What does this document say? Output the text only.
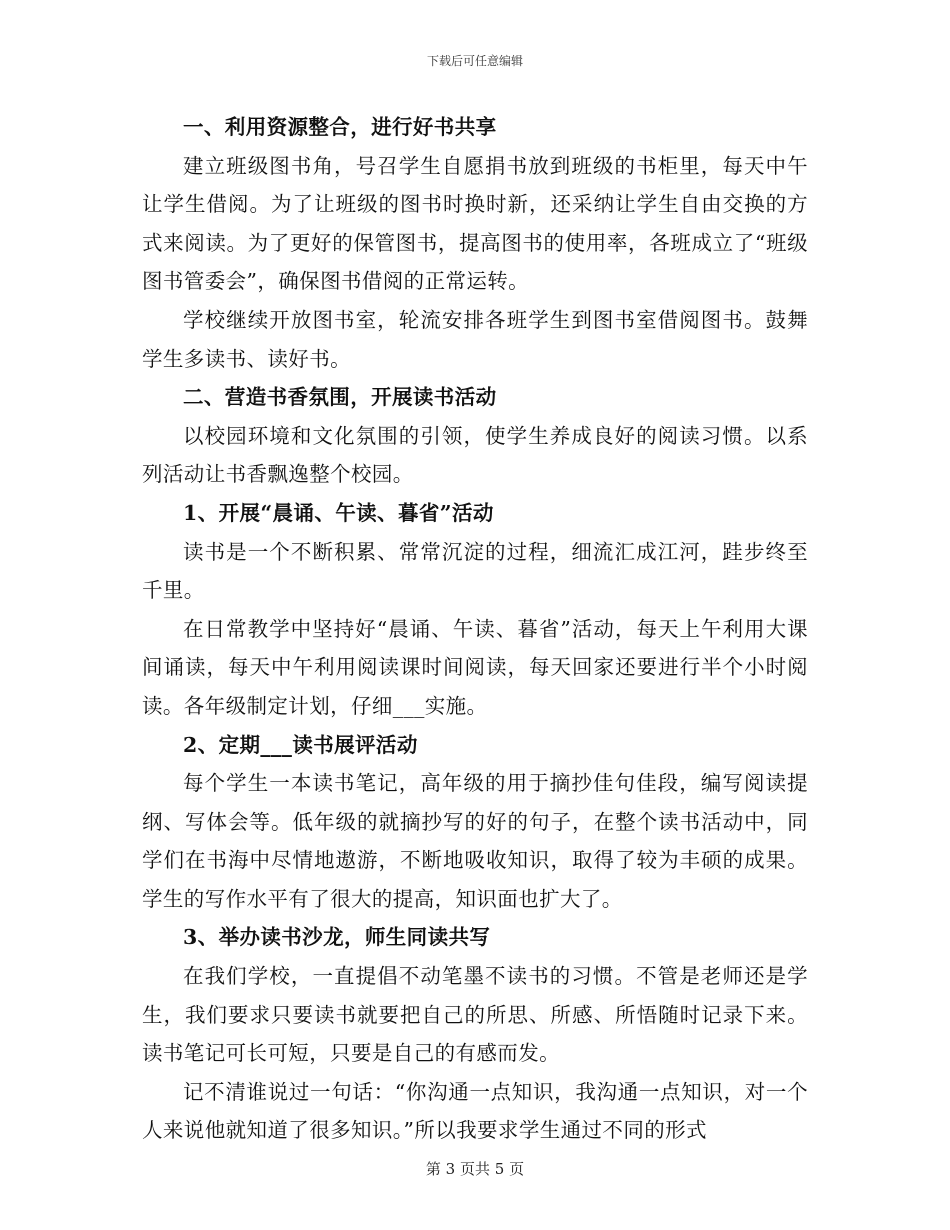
下载后可任意编辑

一、利用资源整合，进行好书共享

建立班级图书角，号召学生自愿捐书放到班级的书柜里，每天中午让学生借阅。为了让班级的图书时换时新，还采纳让学生自由交换的方式来阅读。为了更好的保管图书，提高图书的使用率，各班成立了“班级图书管委会”，确保图书借阅的正常运转。

学校继续开放图书室，轮流安排各班学生到图书室借阅图书。鼓舞学生多读书、读好书。

二、营造书香氛围，开展读书活动

以校园环境和文化氛围的引领，使学生养成良好的阅读习惯。以系列活动让书香飘逸整个校园。

1、开展“晨诵、午读、暮省”活动

读书是一个不断积累、常常沉淀的过程，细流汇成江河，跬步终至千里。

在日常教学中坚持好“晨诵、午读、暮省”活动，每天上午利用大课间诵读，每天中午利用阅读课时间阅读，每天回家还要进行半个小时阅读。各年级制定计划，仔细___实施。

2、定期___读书展评活动

每个学生一本读书笔记，高年级的用于摘抄佳句佳段，编写阅读提纲、写体会等。低年级的就摘抄写的好的句子，在整个读书活动中，同学们在书海中尽情地遨游，不断地吸收知识，取得了较为丰硕的成果。学生的写作水平有了很大的提高，知识面也扩大了。

3、举办读书沙龙，师生同读共写

在我们学校，一直提倡不动笔墨不读书的习惯。不管是老师还是学生，我们要求只要读书就要把自己的所思、所感、所悟随时记录下来。读书笔记可长可短，只要是自己的有感而发。

记不清谁说过一句话：“你沟通一点知识，我沟通一点知识，对一个人来说他就知道了很多知识。”所以我要求学生通过不同的形式

第 3 页共 5 页
